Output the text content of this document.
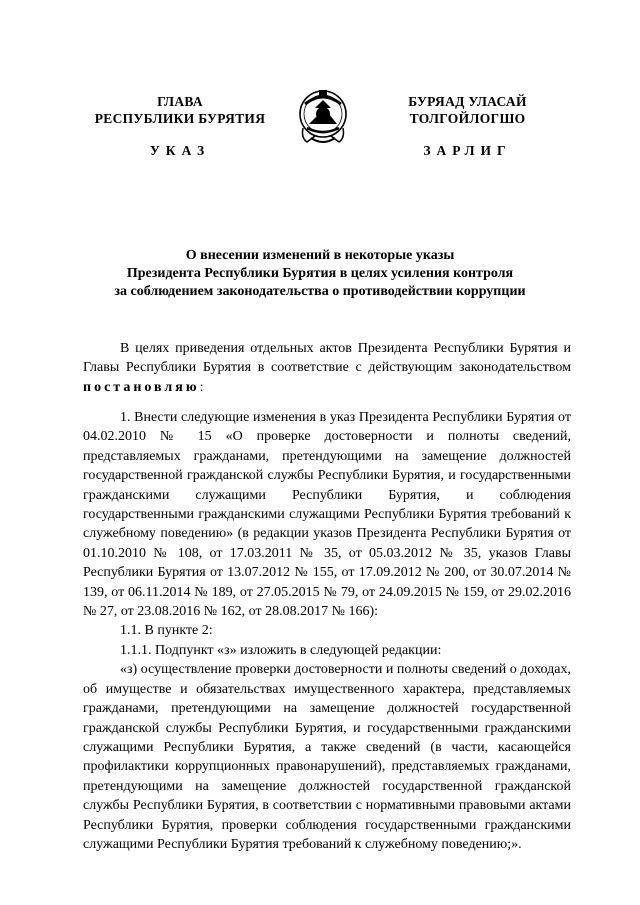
ГЛАВА
РЕСПУБЛИКИ БУРЯТИЯ
БУРЯАД УЛАСАЙ
ТОЛГОЙЛОГШО
УКАЗ	ЗАРЛИГ
О внесении изменений в некоторые указы
Президента Республики Бурятия в целях усиления контроля
за соблюдением законодательства о противодействии коррупции

В целях приведения отдельных актов Президента Республики Бурятия и Главы Республики Бурятия в соответствие с действующим законодательством постановляю:

1. Внести следующие изменения в указ Президента Республики Бурятия от 04.02.2010 № 15 «О проверке достоверности и полноты сведений, представляемых гражданами, претендующими на замещение должностей государственной гражданской службы Республики Бурятия, и государственными гражданскими служащими Республики Бурятия, и соблюдения государственными гражданскими служащими Республики Бурятия требований к служебному поведению» (в редакции указов Президента Республики Бурятия от 01.10.2010 № 108, от 17.03.2011 № 35, от 05.03.2012 № 35, указов Главы Республики Бурятия от 13.07.2012 № 155, от 17.09.2012 № 200, от 30.07.2014 № 139, от 06.11.2014 № 189, от 27.05.2015 № 79, от 24.09.2015 № 159, от 29.02.2016 № 27, от 23.08.2016 № 162, от 28.08.2017 № 166):

1.1. В пункте 2:

1.1.1. Подпункт «з» изложить в следующей редакции:

«з) осуществление проверки достоверности и полноты сведений о доходах, об имуществе и обязательствах имущественного характера, представляемых гражданами, претендующими на замещение должностей государственной гражданской службы Республики Бурятия, и государственными гражданскими служащими Республики Бурятия, а также сведений (в части, касающейся профилактики коррупционных правонарушений), представляемых гражданами, претендующими на замещение должностей государственной гражданской службы Республики Бурятия, в соответствии с нормативными правовыми актами Республики Бурятия, проверки соблюдения государственными гражданскими служащими Республики Бурятия требований к служебному поведению;».
